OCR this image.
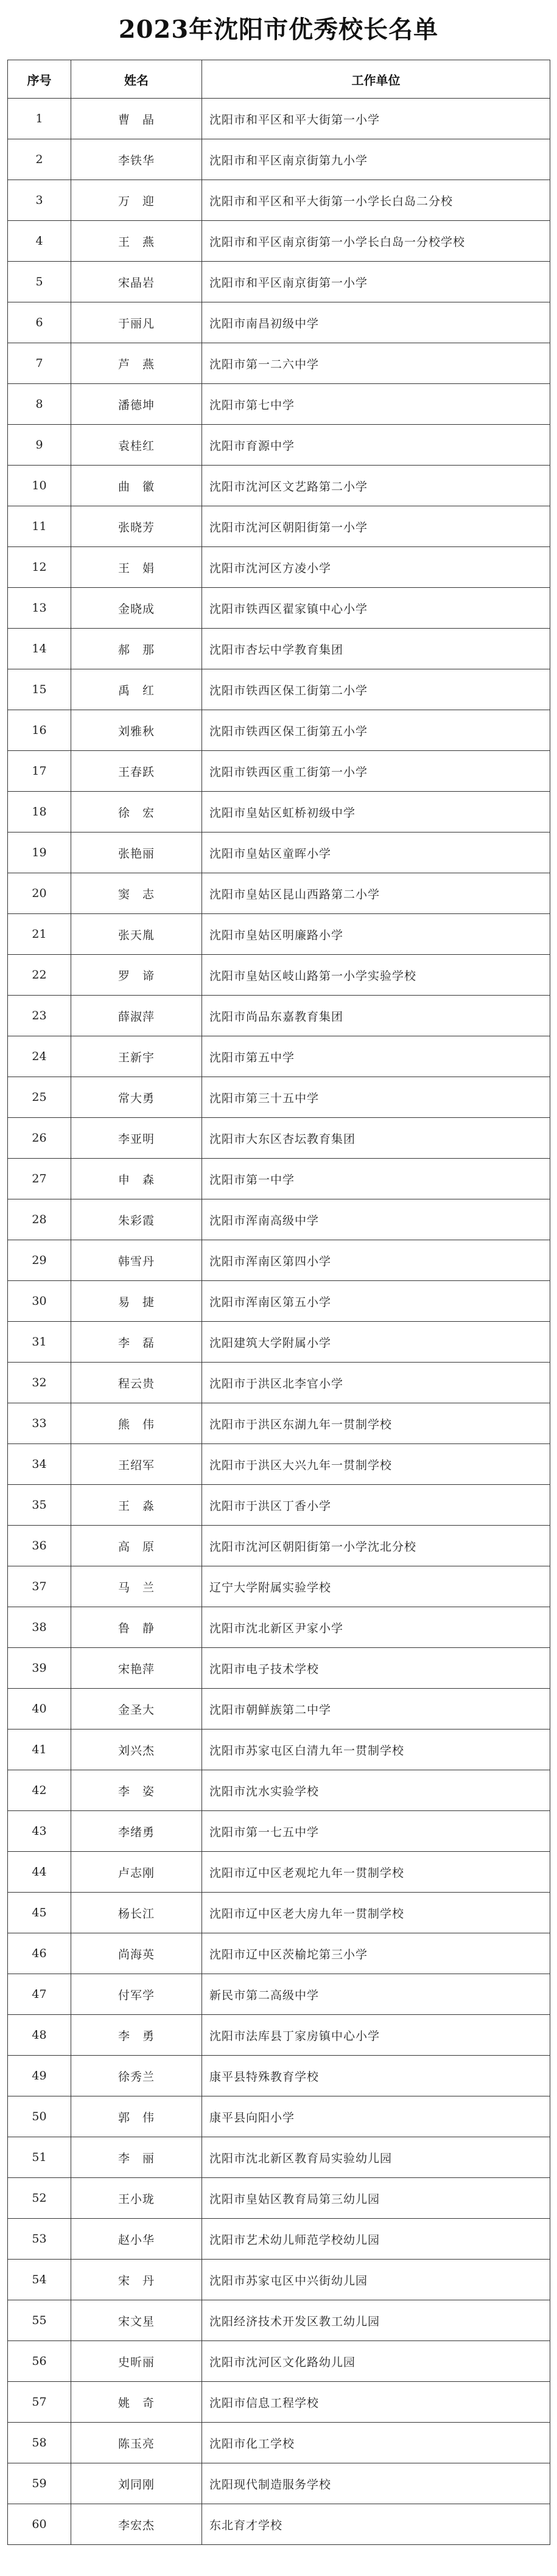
2023年沈阳市优秀校长名单
序号	姓名	工作单位
1	曹　晶	沈阳市和平区和平大街第一小学
2	李铁华	沈阳市和平区南京街第九小学
3	万　迎	沈阳市和平区和平大街第一小学长白岛二分校
4	王　燕	沈阳市和平区南京街第一小学长白岛一分校学校
5	宋晶岩	沈阳市和平区南京街第一小学
6	于丽凡	沈阳市南昌初级中学
7	芦　燕	沈阳市第一二六中学
8	潘德坤	沈阳市第七中学
9	袁桂红	沈阳市育源中学
10	曲　徽	沈阳市沈河区文艺路第二小学
11	张晓芳	沈阳市沈河区朝阳街第一小学
12	王　娟	沈阳市沈河区方凌小学
13	金晓成	沈阳市铁西区翟家镇中心小学
14	郝　那	沈阳市杏坛中学教育集团
15	禹　红	沈阳市铁西区保工街第二小学
16	刘雅秋	沈阳市铁西区保工街第五小学
17	王春跃	沈阳市铁西区重工街第一小学
18	徐　宏	沈阳市皇姑区虹桥初级中学
19	张艳丽	沈阳市皇姑区童晖小学
20	窦　志	沈阳市皇姑区昆山西路第二小学
21	张天胤	沈阳市皇姑区明廉路小学
22	罗　谛	沈阳市皇姑区岐山路第一小学实验学校
23	薛淑萍	沈阳市尚品东嘉教育集团
24	王新宇	沈阳市第五中学
25	常大勇	沈阳市第三十五中学
26	李亚明	沈阳市大东区杏坛教育集团
27	申　森	沈阳市第一中学
28	朱彩霞	沈阳市浑南高级中学
29	韩雪丹	沈阳市浑南区第四小学
30	易　捷	沈阳市浑南区第五小学
31	李　磊	沈阳建筑大学附属小学
32	程云贵	沈阳市于洪区北李官小学
33	熊　伟	沈阳市于洪区东湖九年一贯制学校
34	王绍军	沈阳市于洪区大兴九年一贯制学校
35	王　淼	沈阳市于洪区丁香小学
36	高　原	沈阳市沈河区朝阳街第一小学沈北分校
37	马　兰	辽宁大学附属实验学校
38	鲁　静	沈阳市沈北新区尹家小学
39	宋艳萍	沈阳市电子技术学校
40	金圣大	沈阳市朝鲜族第二中学
41	刘兴杰	沈阳市苏家屯区白清九年一贯制学校
42	李　姿	沈阳市沈水实验学校
43	李绪勇	沈阳市第一七五中学
44	卢志刚	沈阳市辽中区老观坨九年一贯制学校
45	杨长江	沈阳市辽中区老大房九年一贯制学校
46	尚海英	沈阳市辽中区茨榆坨第三小学
47	付军学	新民市第二高级中学
48	李　勇	沈阳市法库县丁家房镇中心小学
49	徐秀兰	康平县特殊教育学校
50	郭　伟	康平县向阳小学
51	李　丽	沈阳市沈北新区教育局实验幼儿园
52	王小珑	沈阳市皇姑区教育局第三幼儿园
53	赵小华	沈阳市艺术幼儿师范学校幼儿园
54	宋　丹	沈阳市苏家屯区中兴街幼儿园
55	宋文星	沈阳经济技术开发区教工幼儿园
56	史昕丽	沈阳市沈河区文化路幼儿园
57	姚　奇	沈阳市信息工程学校
58	陈玉亮	沈阳市化工学校
59	刘同刚	沈阳现代制造服务学校
60	李宏杰	东北育才学校
